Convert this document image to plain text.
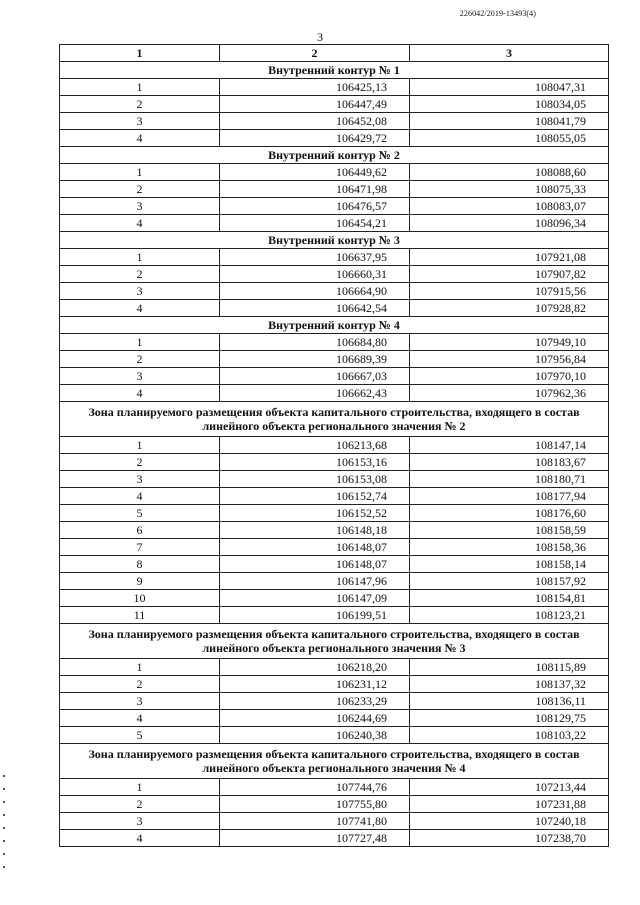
226042/2019-13493(4)
3
1	2	3
Внутренний контур № 1		
1	106425,13	108047,31
2	106447,49	108034,05
3	106452,08	108041,79
4	106429,72	108055,05
Внутренний контур № 2		
1	106449,62	108088,60
2	106471,98	108075,33
3	106476,57	108083,07
4	106454,21	108096,34
Внутренний контур № 3		
1	106637,95	107921,08
2	106660,31	107907,82
3	106664,90	107915,56
4	106642,54	107928,82
Внутренний контур № 4		
1	106684,80	107949,10
2	106689,39	107956,84
3	106667,03	107970,10
4	106662,43	107962,36
Зона планируемого размещения объекта капитального строительства, входящего в состав линейного объекта регионального значения № 2		
1	106213,68	108147,14
2	106153,16	108183,67
3	106153,08	108180,71
4	106152,74	108177,94
5	106152,52	108176,60
6	106148,18	108158,59
7	106148,07	108158,36
8	106148,07	108158,14
9	106147,96	108157,92
10	106147,09	108154,81
11	106199,51	108123,21
Зона планируемого размещения объекта капитального строительства, входящего в состав линейного объекта регионального значения № 3		
1	106218,20	108115,89
2	106231,12	108137,32
3	106233,29	108136,11
4	106244,69	108129,75
5	106240,38	108103,22
Зона планируемого размещения объекта капитального строительства, входящего в состав линейного объекта регионального значения № 4		
1	107744,76	107213,44
2	107755,80	107231,88
3	107741,80	107240,18
4	107727,48	107238,70
